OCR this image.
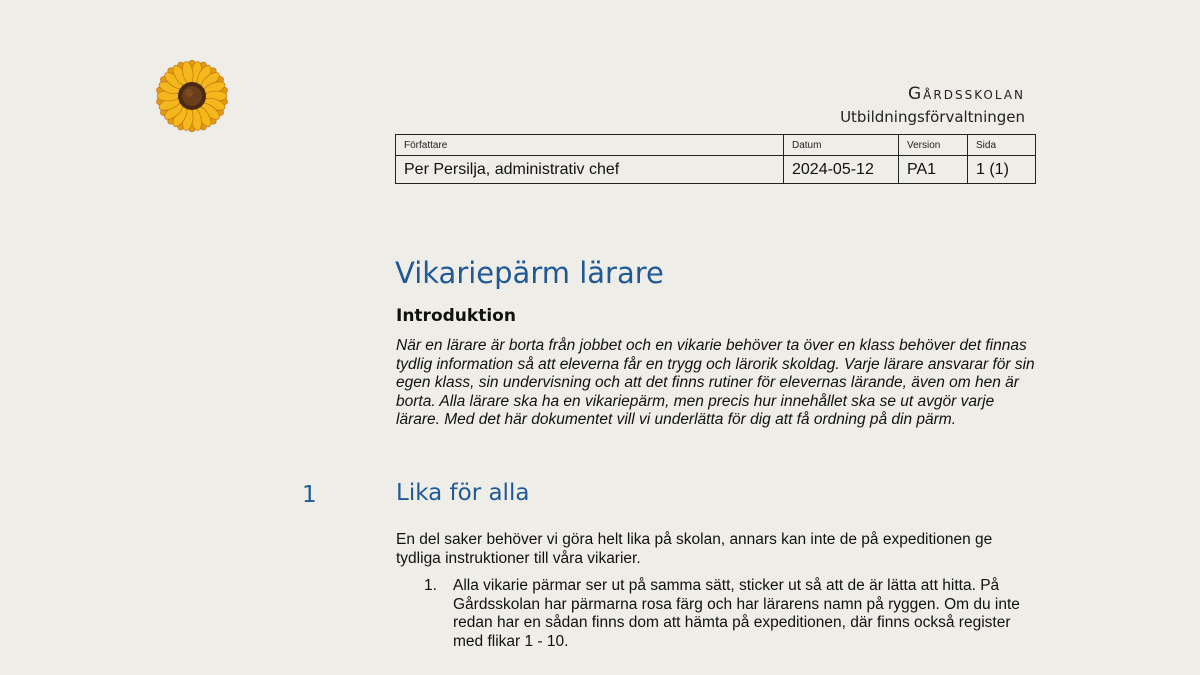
Gårdsskolan
Utbildningsförvaltningen
Författare	Datum	Version	Sida
Per Persilja, administrativ chef	2024-05-12	PA1	1 (1)
Vikariepärm lärare
Introduktion

När en lärare är borta från jobbet och en vikarie behöver ta över en klass behöver det finnas tydlig information så att eleverna får en trygg och lärorik skoldag. Varje lärare ansvarar för sin egen klass, sin undervisning och att det finns rutiner för elevernas lärande, även om hen är borta. Alla lärare ska ha en vikariepärm, men precis hur innehållet ska se ut avgör varje lärare. Med det här dokumentet vill vi underlätta för dig att få ordning på din pärm.

1	Lika för alla

En del saker behöver vi göra helt lika på skolan, annars kan inte de på expeditionen ge tydliga instruktioner till våra vikarier.

1.	Alla vikarie pärmar ser ut på samma sätt, sticker ut så att de är lätta att hitta. På Gårdsskolan har pärmarna rosa färg och har lärarens namn på ryggen. Om du inte redan har en sådan finns dom att hämta på expeditionen, där finns också register med flikar 1 - 10.
